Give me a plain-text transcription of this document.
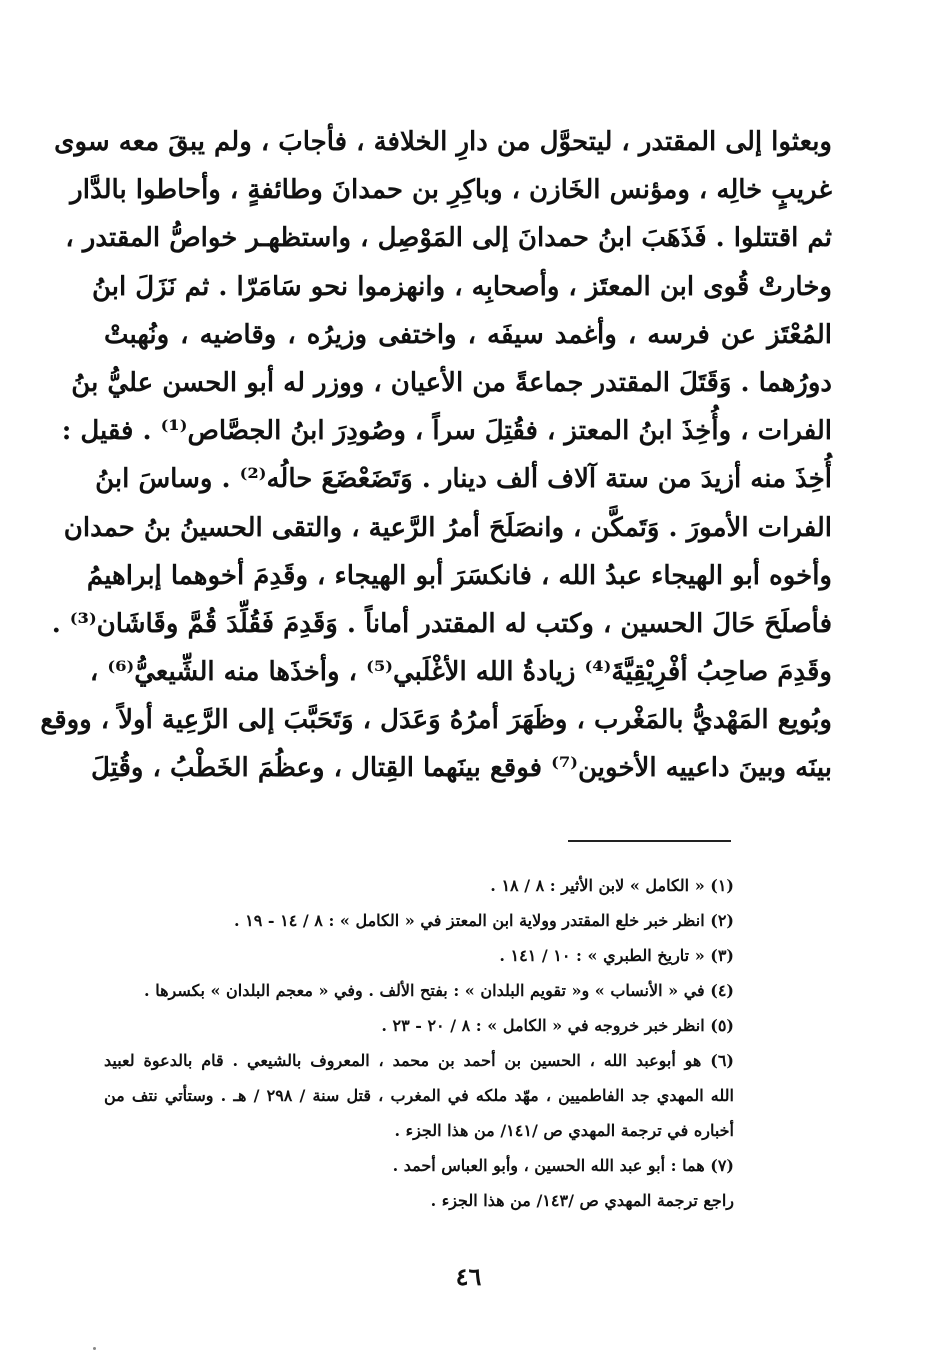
وبعثوا إلى المقتدر ، ليتحوَّل من دارِ الخلافة ، فأجابَ ، ولم يبقَ معه سوى
غريبٍ خالِه ، ومؤنس الخَازن ، وباكِرِ بن حمدانَ وطائفةٍ ، وأحاطوا بالدَّار
ثم اقتتلوا . فَذَهَبَ ابنُ حمدانَ إلى المَوْصِل ، واستظهـر خواصُّ المقتدر ،
وخارتْ قُوى ابن المعتَز ، وأصحابِه ، وانهزموا نحو سَامَرّا . ثم نَزَلَ ابنُ
المُعْتَز عن فرسه ، وأغمد سيفَه ، واختفى وزيرُه ، وقاضيه ، ونُهبتْ
دورُهما . وَقَتَلَ المقتدر جماعةً من الأعيان ، ووزر له أبو الحسن عليُّ بنُ
الفرات ، وأُخِذَ ابنُ المعتز ، فقُتِلَ سراً ، وصُودِرَ ابنُ الجصَّاص⁽¹⁾ . فقيل :
أُخِذَ منه أزيدَ من ستة آلاف ألف دينار . وَتَضَعْضَعَ حالُه⁽²⁾ . وساسَ ابنُ
الفرات الأمورَ . وَتَمكَّن ، وانصَلَحَ أمرُ الرَّعية ، والتقى الحسينُ بنُ حمدان
وأخوه أبو الهيجاء عبدُ الله ، فانكسَرَ أبو الهيجاء ، وقَدِمَ أخوهما إبراهيمُ
فأصلَحَ حَالَ الحسين ، وكتب له المقتدر أماناً . وَقَدِمَ فَقُلِّدَ قُمَّ وقَاشَان⁽³⁾ .
وقَدِمَ صاحِبُ أفْرِيْقِيَّةَ⁽⁴⁾ زيادةُ الله الأغْلَبي⁽⁵⁾ ، وأخذَها منه الشِّيعيُّ⁽⁶⁾ ،
وبُويع المَهْديُّ بالمَغْرب ، وظَهَرَ أمرُهُ وَعَدَل ، وَتَحَبَّبَ إلى الرَّعِية أولاً ، ووقع
بينَه وبينَ داعييه الأخوين⁽⁷⁾ فوقع بينَهما القِتال ، وعظُمَ الخَطْبُ ، وقُتِلَ
(١) « الكامل » لابن الأثير : ٨ / ١٨ .
(٢) انظر خبر خلع المقتدر وولاية ابن المعتز في « الكامل » : ٨ / ١٤ - ١٩ .
(٣) « تاريخ الطبري » : ١٠ / ١٤١ .
(٤) في « الأنساب » و« تقويم البلدان » : بفتح الألف . وفي « معجم البلدان » بكسرها .
(٥) انظر خبر خروجه في « الكامل » : ٨ / ٢٠ - ٢٣ .
(٦) هو أبوعبد الله ، الحسين بن أحمد بن محمد ، المعروف بالشيعي . قام بالدعوة لعبيد
الله المهدي جد الفاطميين ، مهّد ملكه في المغرب ، قتل سنة / ٢٩٨ / هـ . وستأتي نتف من
أخباره في ترجمة المهدي ص /١٤١/ من هذا الجزء .
(٧) هما : أبو عبد الله الحسين ، وأبو العباس أحمد .
راجع ترجمة المهدي ص /١٤٣/ من هذا الجزء .
٤٦
